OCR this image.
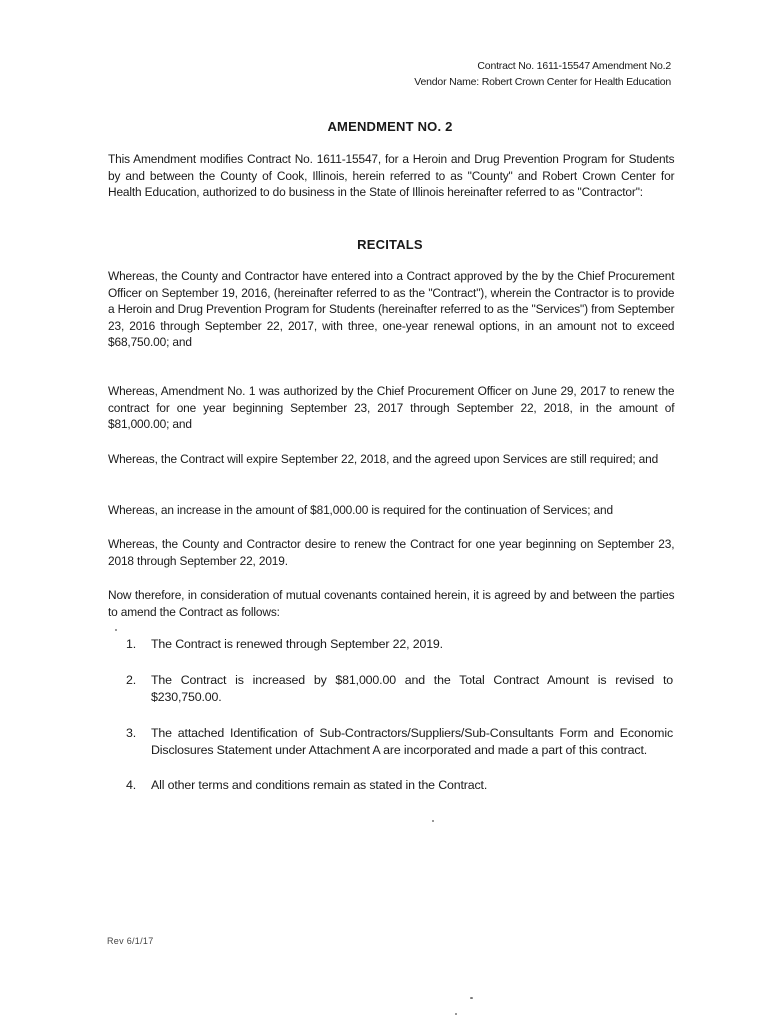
Contract No. 1611-15547 Amendment No.2
Vendor Name: Robert Crown Center for Health Education
AMENDMENT NO. 2
This Amendment modifies Contract No. 1611-15547, for a Heroin and Drug Prevention Program for Students by and between the County of Cook, Illinois, herein referred to as "County" and Robert Crown Center for Health Education, authorized to do business in the State of Illinois hereinafter referred to as "Contractor":
RECITALS
Whereas, the County and Contractor have entered into a Contract approved by the by the Chief Procurement Officer on September 19, 2016, (hereinafter referred to as the "Contract"), wherein the Contractor is to provide a Heroin and Drug Prevention Program for Students (hereinafter referred to as the "Services") from September 23, 2016 through September 22, 2017, with three, one-year renewal options, in an amount not to exceed $68,750.00; and
Whereas, Amendment No. 1 was authorized by the Chief Procurement Officer on June 29, 2017 to renew the contract for one year beginning September 23, 2017 through September 22, 2018, in the amount of $81,000.00; and
Whereas, the Contract will expire September 22, 2018, and the agreed upon Services are still required; and
Whereas, an increase in the amount of $81,000.00 is required for the continuation of Services; and
Whereas, the County and Contractor desire to renew the Contract for one year beginning on September 23, 2018 through September 22, 2019.
Now therefore, in consideration of mutual covenants contained herein, it is agreed by and between the parties to amend the Contract as follows:
1.	The Contract is renewed through September 22, 2019.
2.	The Contract is increased by $81,000.00 and the Total Contract Amount is revised to $230,750.00.
3.	The attached Identification of Sub-Contractors/Suppliers/Sub-Consultants Form and Economic Disclosures Statement under Attachment A are incorporated and made a part of this contract.
4.	All other terms and conditions remain as stated in the Contract.
Rev 6/1/17
